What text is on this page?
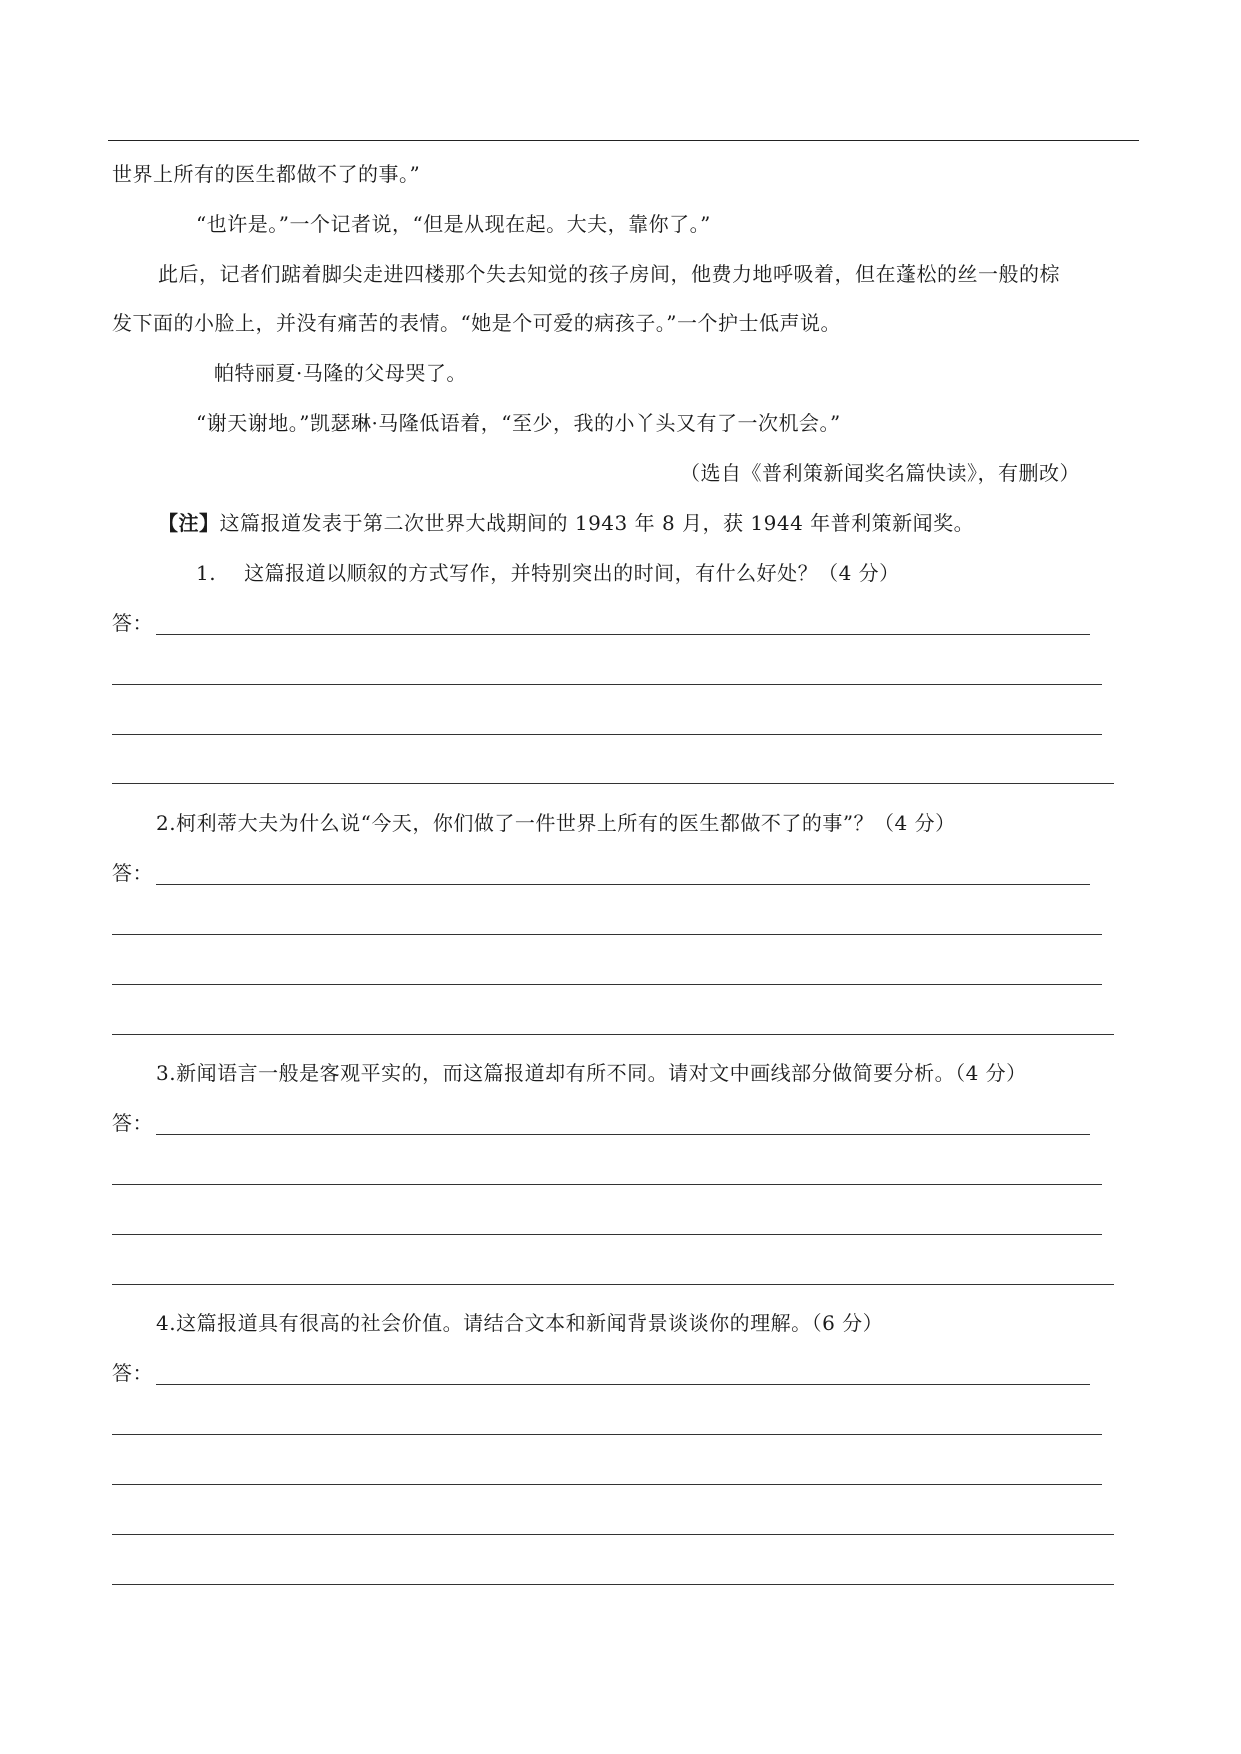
世界上所有的医生都做不了的事。”
“也许是。”一个记者说，“但是从现在起。大夫，靠你了。”
此后，记者们踮着脚尖走进四楼那个失去知觉的孩子房间，他费力地呼吸着，但在蓬松的丝一般的棕
发下面的小脸上，并没有痛苦的表情。“她是个可爱的病孩子。”一个护士低声说。
帕特丽夏·马隆的父母哭了。
“谢天谢地。”凯瑟琳·马隆低语着，“至少，我的小丫头又有了一次机会。”
（选自《普利策新闻奖名篇快读》，有删改）
【注】这篇报道发表于第二次世界大战期间的 1943 年 8 月，获 1944 年普利策新闻奖。
1. 这篇报道以顺叙的方式写作，并特别突出的时间，有什么好处？（4 分）
答：
2.柯利蒂大夫为什么说“今天，你们做了一件世界上所有的医生都做不了的事”？（4 分）
答：
3.新闻语言一般是客观平实的，而这篇报道却有所不同。请对文中画线部分做简要分析。（4 分）
答：
4.这篇报道具有很高的社会价值。请结合文本和新闻背景谈谈你的理解。（6 分）
答：
